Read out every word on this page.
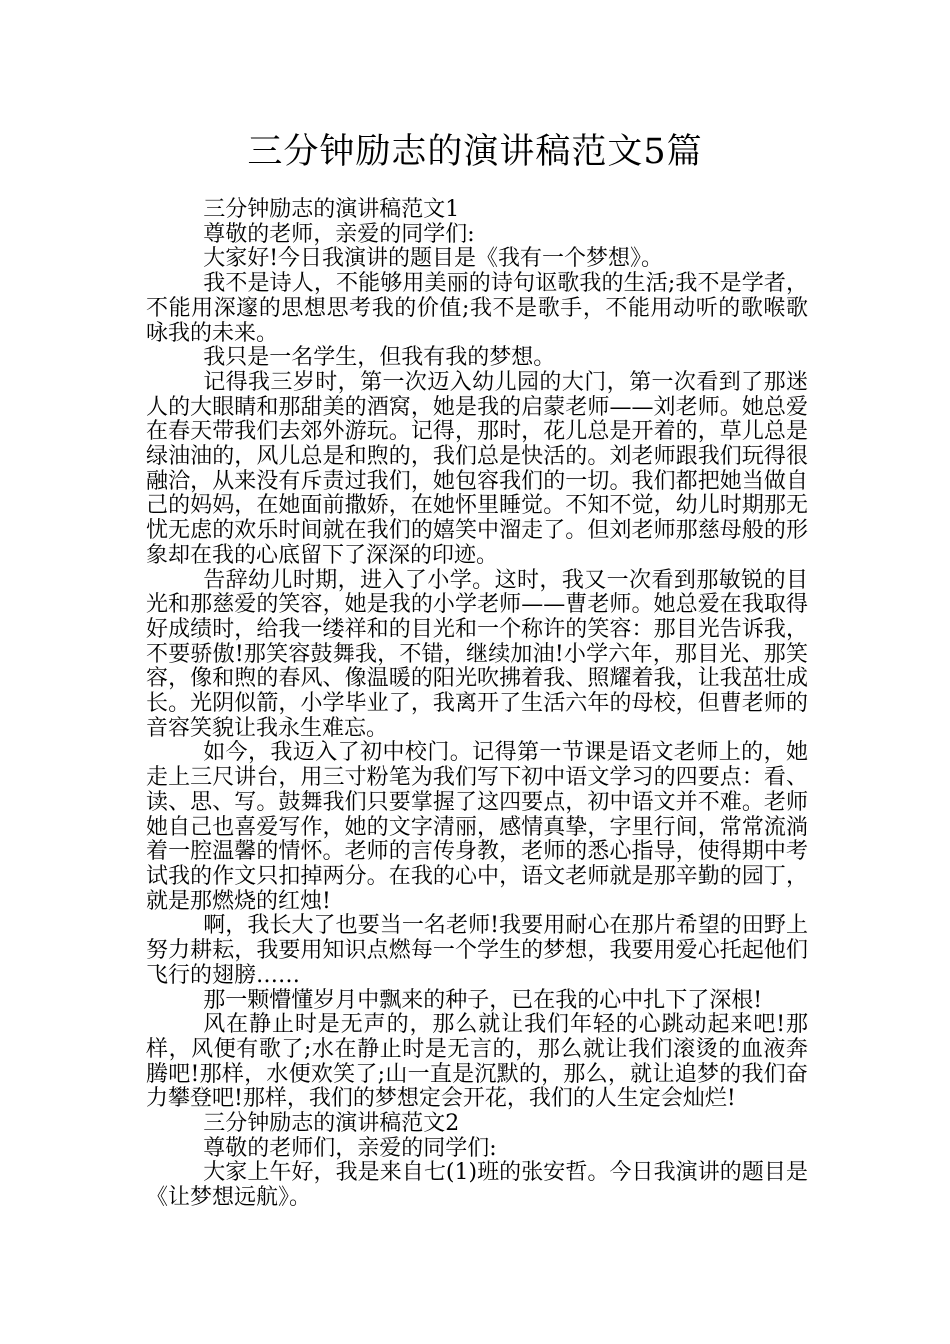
三分钟励志的演讲稿范文5篇

三分钟励志的演讲稿范文1

尊敬的老师，亲爱的同学们:

大家好!今日我演讲的题目是《我有一个梦想》。

我不是诗人，不能够用美丽的诗句讴歌我的生活;我不是学者，不能用深邃的思想思考我的价值;我不是歌手，不能用动听的歌喉歌咏我的未来。

我只是一名学生，但我有我的梦想。

记得我三岁时，第一次迈入幼儿园的大门，第一次看到了那迷人的大眼睛和那甜美的酒窝，她是我的启蒙老师——刘老师。她总爱在春天带我们去郊外游玩。记得，那时，花儿总是开着的，草儿总是绿油油的，风儿总是和煦的，我们总是快活的。刘老师跟我们玩得很融洽，从来没有斥责过我们，她包容我们的一切。我们都把她当做自己的妈妈，在她面前撒娇，在她怀里睡觉。不知不觉，幼儿时期那无忧无虑的欢乐时间就在我们的嬉笑中溜走了。但刘老师那慈母般的形象却在我的心底留下了深深的印迹。

告辞幼儿时期，进入了小学。这时，我又一次看到那敏锐的目光和那慈爱的笑容，她是我的小学老师——曹老师。她总爱在我取得好成绩时，给我一缕祥和的目光和一个称许的笑容：那目光告诉我，不要骄傲!那笑容鼓舞我，不错，继续加油!小学六年，那目光、那笑容，像和煦的春风、像温暖的阳光吹拂着我、照耀着我，让我茁壮成长。光阴似箭，小学毕业了，我离开了生活六年的母校，但曹老师的音容笑貌让我永生难忘。

如今，我迈入了初中校门。记得第一节课是语文老师上的，她走上三尺讲台，用三寸粉笔为我们写下初中语文学习的四要点：看、读、思、写。鼓舞我们只要掌握了这四要点，初中语文并不难。老师她自己也喜爱写作，她的文字清丽，感情真挚，字里行间，常常流淌着一腔温馨的情怀。老师的言传身教，老师的悉心指导，使得期中考试我的作文只扣掉两分。在我的心中，语文老师就是那辛勤的园丁，就是那燃烧的红烛!

啊，我长大了也要当一名老师!我要用耐心在那片希望的田野上努力耕耘，我要用知识点燃每一个学生的梦想，我要用爱心托起他们飞行的翅膀……

那一颗懵懂岁月中飘来的种子，已在我的心中扎下了深根!

风在静止时是无声的，那么就让我们年轻的心跳动起来吧!那样，风便有歌了;水在静止时是无言的，那么就让我们滚烫的血液奔腾吧!那样，水便欢笑了;山一直是沉默的，那么，就让追梦的我们奋力攀登吧!那样，我们的梦想定会开花，我们的人生定会灿烂!

三分钟励志的演讲稿范文2

尊敬的老师们，亲爱的同学们:

大家上午好，我是来自七(1)班的张安哲。今日我演讲的题目是《让梦想远航》。
